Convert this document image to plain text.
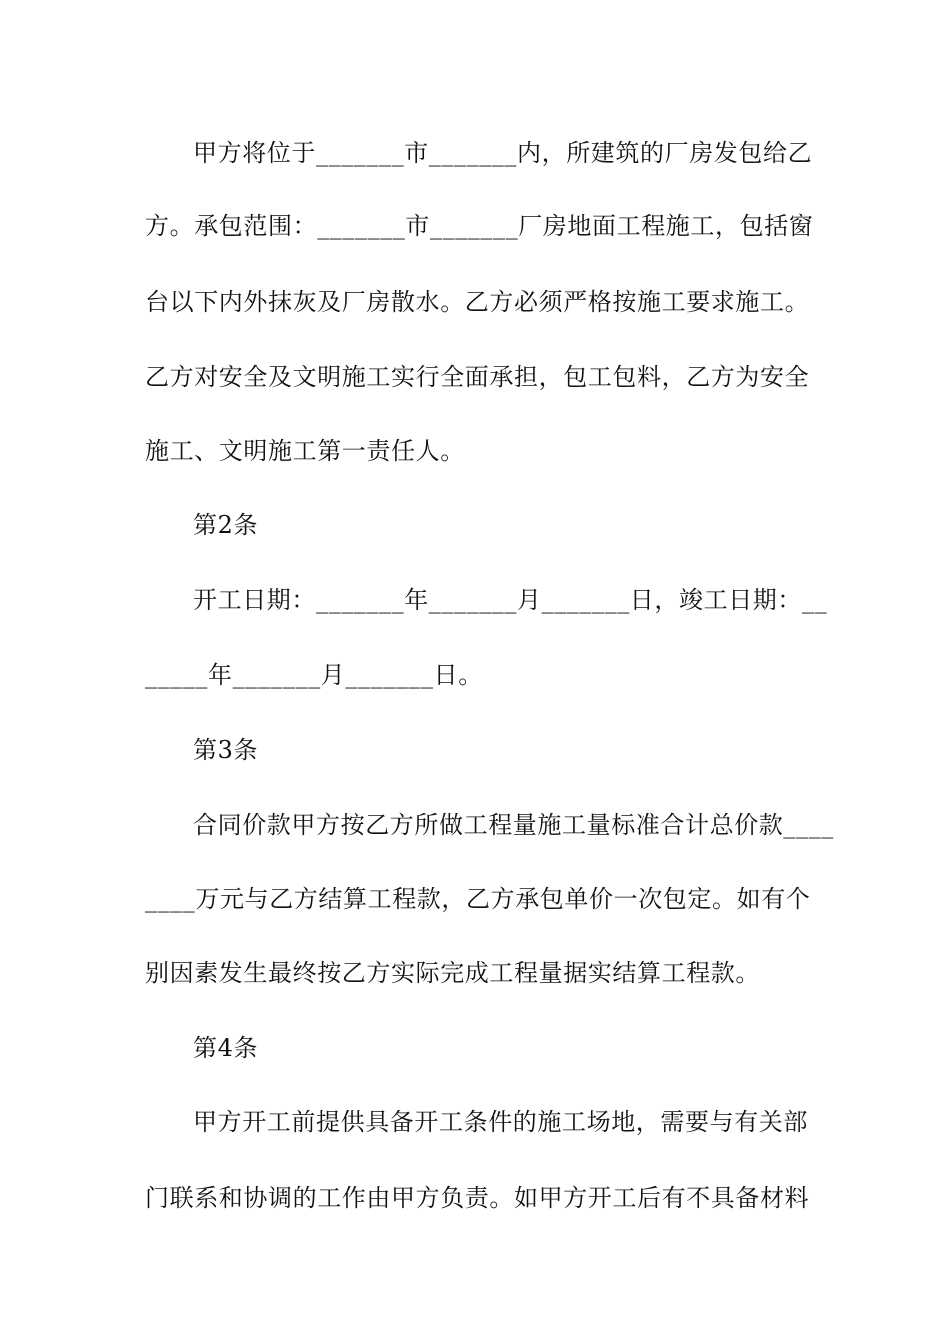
甲方将位于_______市_______内，所建筑的厂房发包给乙
方。承包范围：_______市_______厂房地面工程施工，包括窗
台以下内外抹灰及厂房散水。乙方必须严格按施工要求施工。
乙方对安全及文明施工实行全面承担，包工包料，乙方为安全
施工、文明施工第一责任人。
第2条
开工日期：_______年_______月_______日，竣工日期：__
_____年_______月_______日。
第3条
合同价款甲方按乙方所做工程量施工量标准合计总价款____
____万元与乙方结算工程款，乙方承包单价一次包定。如有个
别因素发生最终按乙方实际完成工程量据实结算工程款。
第4条
甲方开工前提供具备开工条件的施工场地，需要与有关部
门联系和协调的工作由甲方负责。如甲方开工后有不具备材料
